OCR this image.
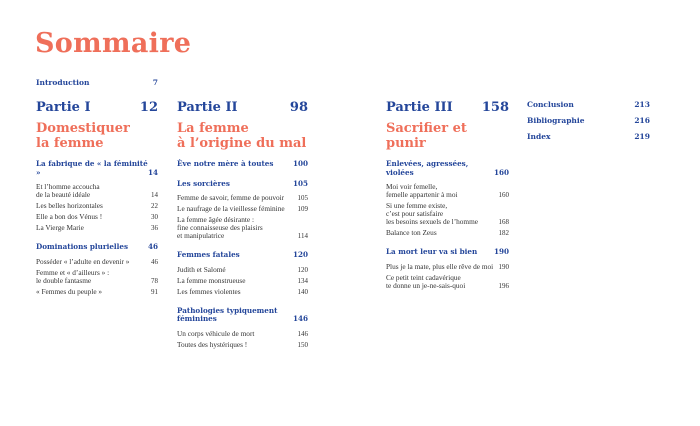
Sommaire
Introduction	7
Partie I	12
Domestiquer
la femme
La fabrique de « la féminité »	14
Et l’homme accoucha
de la beauté idéale	14
Les belles horizontales	22
Elle a bon dos Vénus !	30
La Vierge Marie	36
Dominations plurielles	46
Posséder « l’adulte en devenir »	46
Femme et « d’ailleurs » :
le double fantasme	78
« Femmes du peuple »	91
Partie II	98
La femme
à l’origine du mal
Ève notre mère à toutes	100
Les sorcières	105
Femme de savoir, femme de pouvoir 105
Le naufrage de la vieillesse féminine 109
La femme âgée désirante :
fine connaisseuse des plaisirs
et manipulatrice	114
Femmes fatales	120
Judith et Salomé	120
La femme monstrueuse	134
Les femmes violentes	140
Pathologies typiquement
féminines	146
Un corps véhicule de mort	146
Toutes des hystériques !	150
Partie III 158
Sacrifier et punir
Enlevées, agressées, violées	160
Moi voir femelle,
femelle appartenir à moi	160
Si une femme existe,
c’est pour satisfaire
les besoins sexuels de l’homme	168
Balance ton Zeus	182
La mort leur va si bien 190
Plus je la mate, plus elle rêve de moi 190
Ce petit teint cadavérique
te donne un je-ne-sais-quoi	196
Conclusion	213
Bibliographie	216
Index	219
